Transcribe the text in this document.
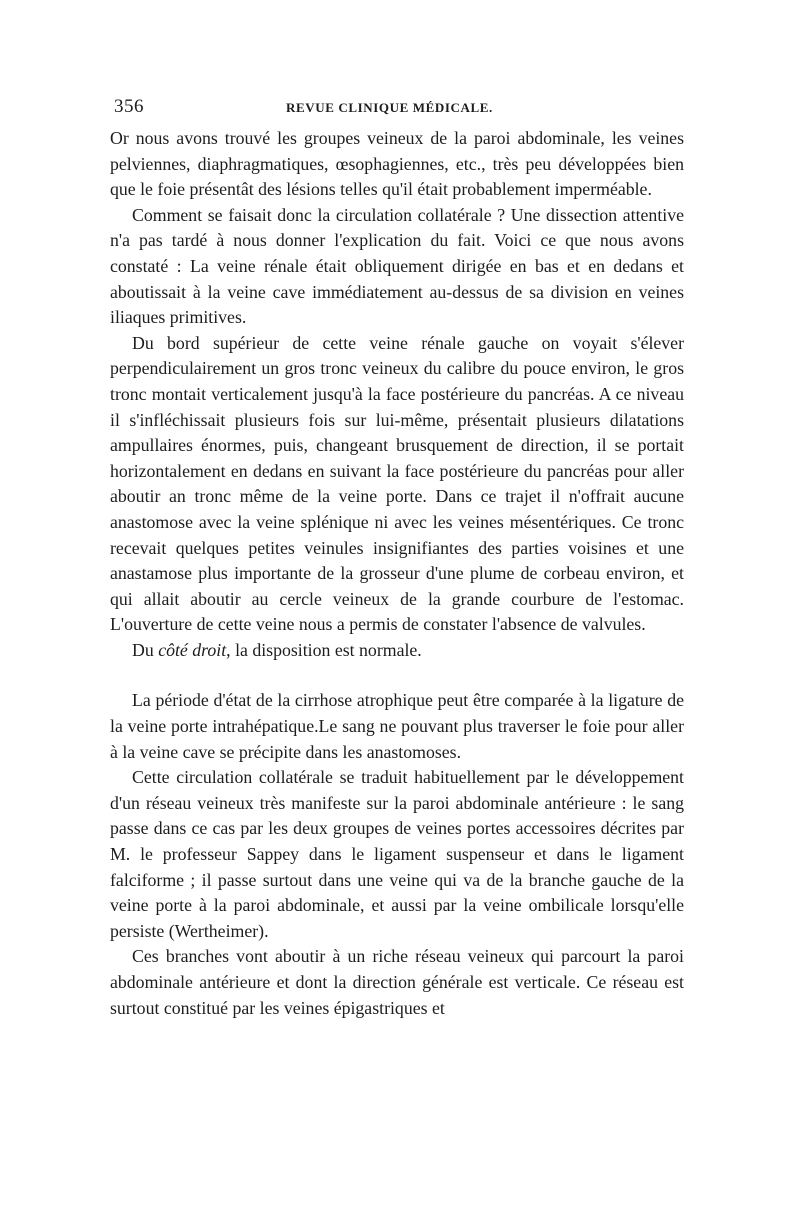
356	REVUE CLINIQUE MÉDICALE.

Or nous avons trouvé les groupes veineux de la paroi abdominale, les veines pelviennes, diaphragmatiques, œsophagiennes, etc., très peu développées bien que le foie présentât des lésions telles qu'il était probablement imperméable.

Comment se faisait donc la circulation collatérale ? Une dissection attentive n'a pas tardé à nous donner l'explication du fait. Voici ce que nous avons constaté : La veine rénale était obliquement dirigée en bas et en dedans et aboutissait à la veine cave immédiatement au-dessus de sa division en veines iliaques primitives.

Du bord supérieur de cette veine rénale gauche on voyait s'élever perpendiculairement un gros tronc veineux du calibre du pouce environ, le gros tronc montait verticalement jusqu'à la face postérieure du pancréas. A ce niveau il s'infléchissait plusieurs fois sur lui-même, présentait plusieurs dilatations ampullaires énormes, puis, changeant brusquement de direction, il se portait horizontalement en dedans en suivant la face postérieure du pancréas pour aller aboutir an tronc même de la veine porte. Dans ce trajet il n'offrait aucune anastomose avec la veine splénique ni avec les veines mésentériques. Ce tronc recevait quelques petites veinules insignifiantes des parties voisines et une anastamose plus importante de la grosseur d'une plume de corbeau environ, et qui allait aboutir au cercle veineux de la grande courbure de l'estomac. L'ouverture de cette veine nous a permis de constater l'absence de valvules.

Du côté droit, la disposition est normale.

La période d'état de la cirrhose atrophique peut être comparée à la ligature de la veine porte intrahépatique.Le sang ne pouvant plus traverser le foie pour aller à la veine cave se précipite dans les anastomoses.

Cette circulation collatérale se traduit habituellement par le développement d'un réseau veineux très manifeste sur la paroi abdominale antérieure : le sang passe dans ce cas par les deux groupes de veines portes accessoires décrites par M. le professeur Sappey dans le ligament suspenseur et dans le ligament falciforme ; il passe surtout dans une veine qui va de la branche gauche de la veine porte à la paroi abdominale, et aussi par la veine ombilicale lorsqu'elle persiste (Wertheimer).

Ces branches vont aboutir à un riche réseau veineux qui parcourt la paroi abdominale antérieure et dont la direction générale est verticale. Ce réseau est surtout constitué par les veines épigastriques et
